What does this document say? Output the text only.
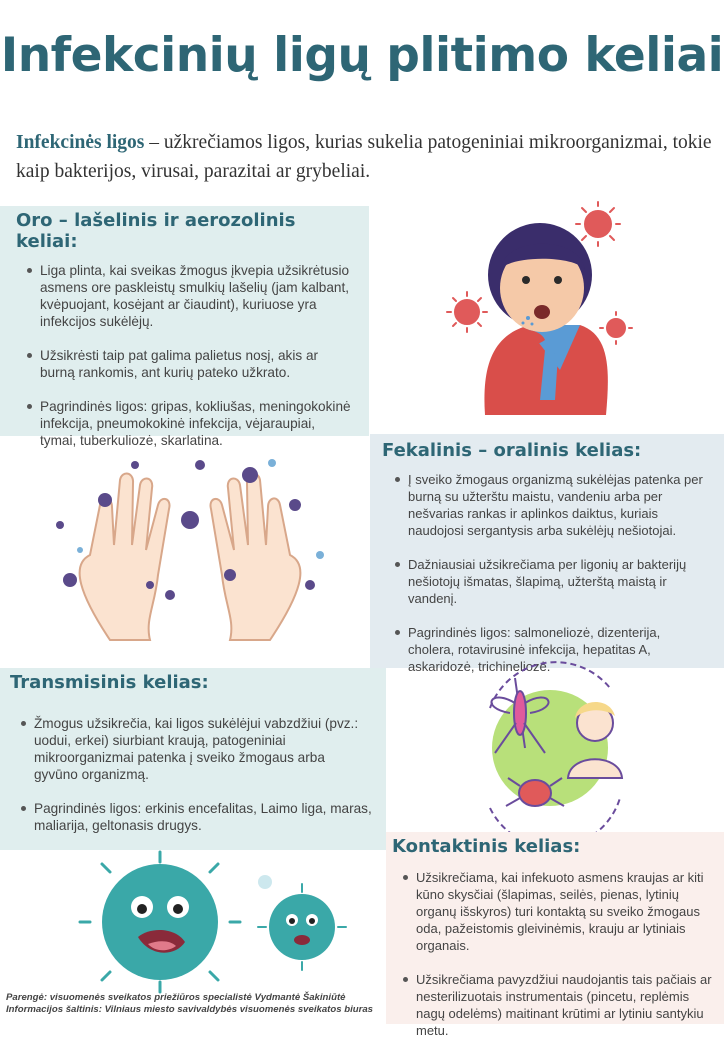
Infekcinių ligų plitimo keliai

Infekcinės ligos – užkrečiamos ligos, kurias sukelia patogeniniai mikroorganizmai, tokie kaip bakterijos, virusai, parazitai ar grybeliai.

Oro – lašelinis ir aerozolinis keliai:
Liga plinta, kai sveikas žmogus įkvepia užsikrėtusio asmens ore paskleistų smulkių lašelių (jam kalbant, kvėpuojant, kosėjant ar čiaudint), kuriuose yra infekcijos sukėlėjų.
Užsikrėsti taip pat galima palietus nosį, akis ar burną rankomis, ant kurių pateko užkrato.
Pagrindinės ligos: gripas, kokliušas, meningokokinė infekcija, pneumokokinė infekcija, vėjaraupiai, tymai, tuberkuliozė, skarlatina.	Fekalinis – oralinis kelias:
Į sveiko žmogaus organizmą sukėlėjas patenka per burną su užterštu maistu, vandeniu arba per nešvarias rankas ir aplinkos daiktus, kuriais naudojosi sergantysis arba sukėlėjų nešiotojai.
Dažniausiai užsikrečiama per ligonių ar bakterijų nešiotojų išmatas, šlapimą, užterštą maistą ir vandenį.
Pagrindinės ligos: salmoneliozė, dizenterija, cholera, rotavirusinė infekcija, hepatitas A, askaridozė, trichineliozė.
Transmisinis kelias:
Žmogus užsikrečia, kai ligos sukėlėjui vabzdžiui (pvz.: uodui, erkei) siurbiant kraują, patogeniniai mikroorganizmai patenka į sveiko žmogaus arba gyvūno organizmą.
Pagrindinės ligos: erkinis encefalitas, Laimo liga, maras, maliarija, geltonasis drugys.
Kontaktinis kelias:
Užsikrečiama, kai infekuoto asmens kraujas ar kiti kūno skysčiai (šlapimas, seilės, pienas, lytinių organų išskyros) turi kontaktą su sveiko žmogaus oda, pažeistomis gleivinėmis, krauju ar lytiniais organais.
Užsikrečiama pavyzdžiui naudojantis tais pačiais ar nesterilizuotais instrumentais (pincetu, replėmis nagų odelėms) maitinant krūtimi ar lytiniu santykiu metu.
Parengė: visuomenės sveikatos priežiūros specialistė Vydmantė Šakiniūtė
Informacijos šaltinis: Vilniaus miesto savivaldybės visuomenės sveikatos biuras
